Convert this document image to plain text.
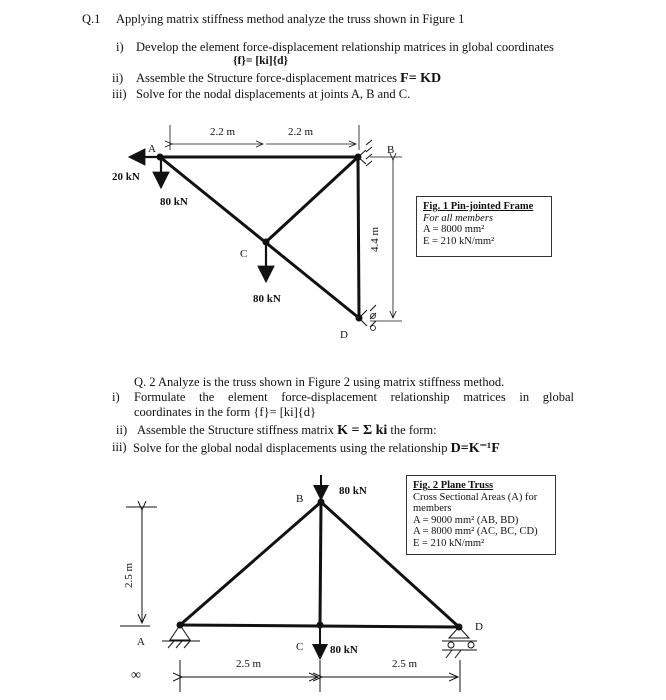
Q.1 Applying matrix stiffness method analyze the truss shown in Figure 1
i) Develop the element force-displacement relationship matrices in global coordinates
{f}= [ki]{d}
ii) Assemble the Structure force-displacement matrices F= KD
iii) Solve for the nodal displacements at joints A, B and C.
2.2 m	2.2 m
4.4 m
A	B
C
D
20 kN
80 kN
80 kN
B
A	C
D
80 kN
80 kN
2.5 m
2.5 m	2.5 m
∞
Fig. 1 Pin-jointed Frame
For all members
A = 8000 mm²
E = 210 kN/mm²
Q. 2 Analyze is the truss shown in Figure 2 using matrix stiffness method.
i) Formulate the element force-displacement relationship matrices in global
coordinates in the form {f}= [ki]{d}
ii) Assemble the Structure stiffness matrix K = Σ ki the form:
iii) Solve for the global nodal displacements using the relationship D=K⁻¹F
Fig. 2 Plane Truss
Cross Sectional Areas (A) for
members
A = 9000 mm² (AB, BD)
A = 8000 mm² (AC, BC, CD)
E = 210 kN/mm²
